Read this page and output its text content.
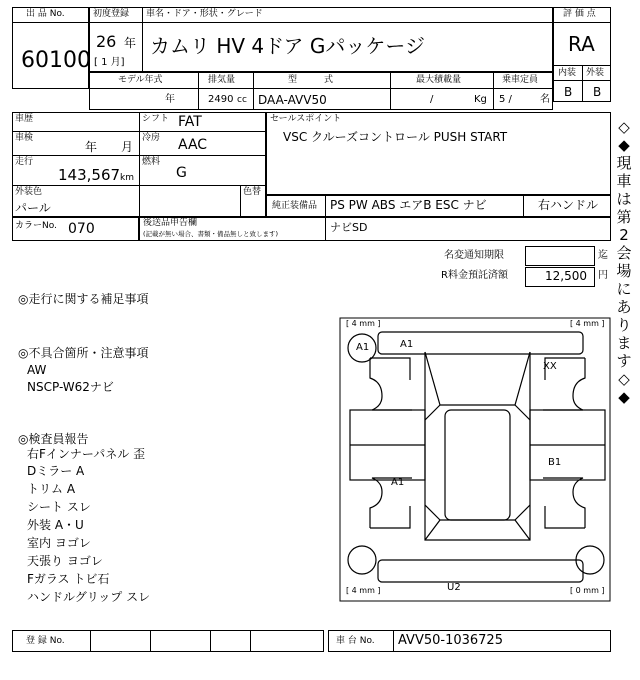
出 品 No.
60100
初度登録 車名・ドア・形状・グレード
26 年
[ 1 月]
カムリ HV 4ドア Gパッケージ
評 価 点
RA
内装 外装
B B
モデル年式	排気量	型　　　式	最大積載量	乗車定員
年	2490 cc DAA-AVV50	/	Kg 5 /	名
車歴
車検
年 月
走行
143,567 km
シフト FAT
冷房 AAC
燃料
G
セールスポイント
VSC クルーズコントロール PUSH START
外装色
パール
色替
純正装備品 PS PW ABS エアB ESC ナビ	右ハンドル
カラーNo. 070	後送品申告欄
(記載が無い場合、書類・備品無しと致します)	ナビSD
名変通知期限	迄
R料金預託済額	12,500 円
◎走行に関する補足事項
◎不具合箇所・注意事項
AW
NSCP-W62ナビ
◎検査員報告
右Fインナーパネル 歪
Dミラー A
トリム A
シート スレ
外装 A・U
室内 ヨゴレ
天張り ヨゴレ
Fガラス トビ石
ハンドルグリップ スレ
◇◆現車は第2会場にあります◇◆
[ 4 mm ]	[ 4 mm ]
[ 4 mm ]	[ 0 mm ]
A1	A1
XX
B1
A1
U2
登 録 No.	車 台 No. AVV50-1036725
